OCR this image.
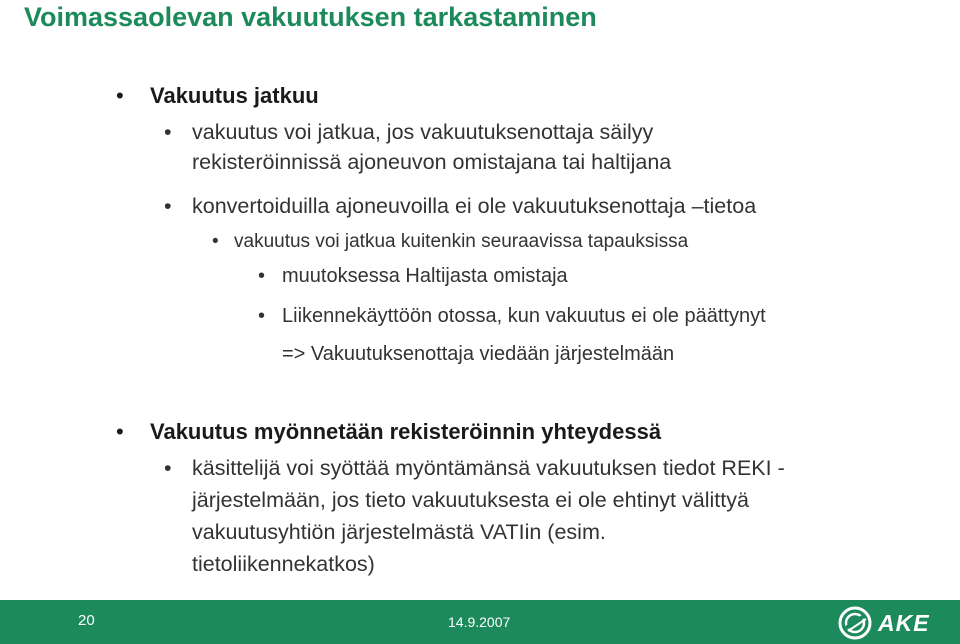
Voimassaolevan vakuutuksen tarkastaminen
• Vakuutus jatkuu
• vakuutus voi jatkua, jos vakuutuksenottaja säilyy
rekisteröinnissä ajoneuvon omistajana tai haltijana
• konvertoiduilla ajoneuvoilla ei ole vakuutuksenottaja –tietoa
• vakuutus voi jatkua kuitenkin seuraavissa tapauksissa
• muutoksessa Haltijasta omistaja
• Liikennekäyttöön otossa, kun vakuutus ei ole päättynyt
=> Vakuutuksenottaja viedään järjestelmään
• Vakuutus myönnetään rekisteröinnin yhteydessä
• käsittelijä voi syöttää myöntämänsä vakuutuksen tiedot REKI -
järjestelmään, jos tieto vakuutuksesta ei ole ehtinyt välittyä
vakuutusyhtiön järjestelmästä VATIin (esim.
tietoliikennekatkos)
20	14.9.2007	AKE
